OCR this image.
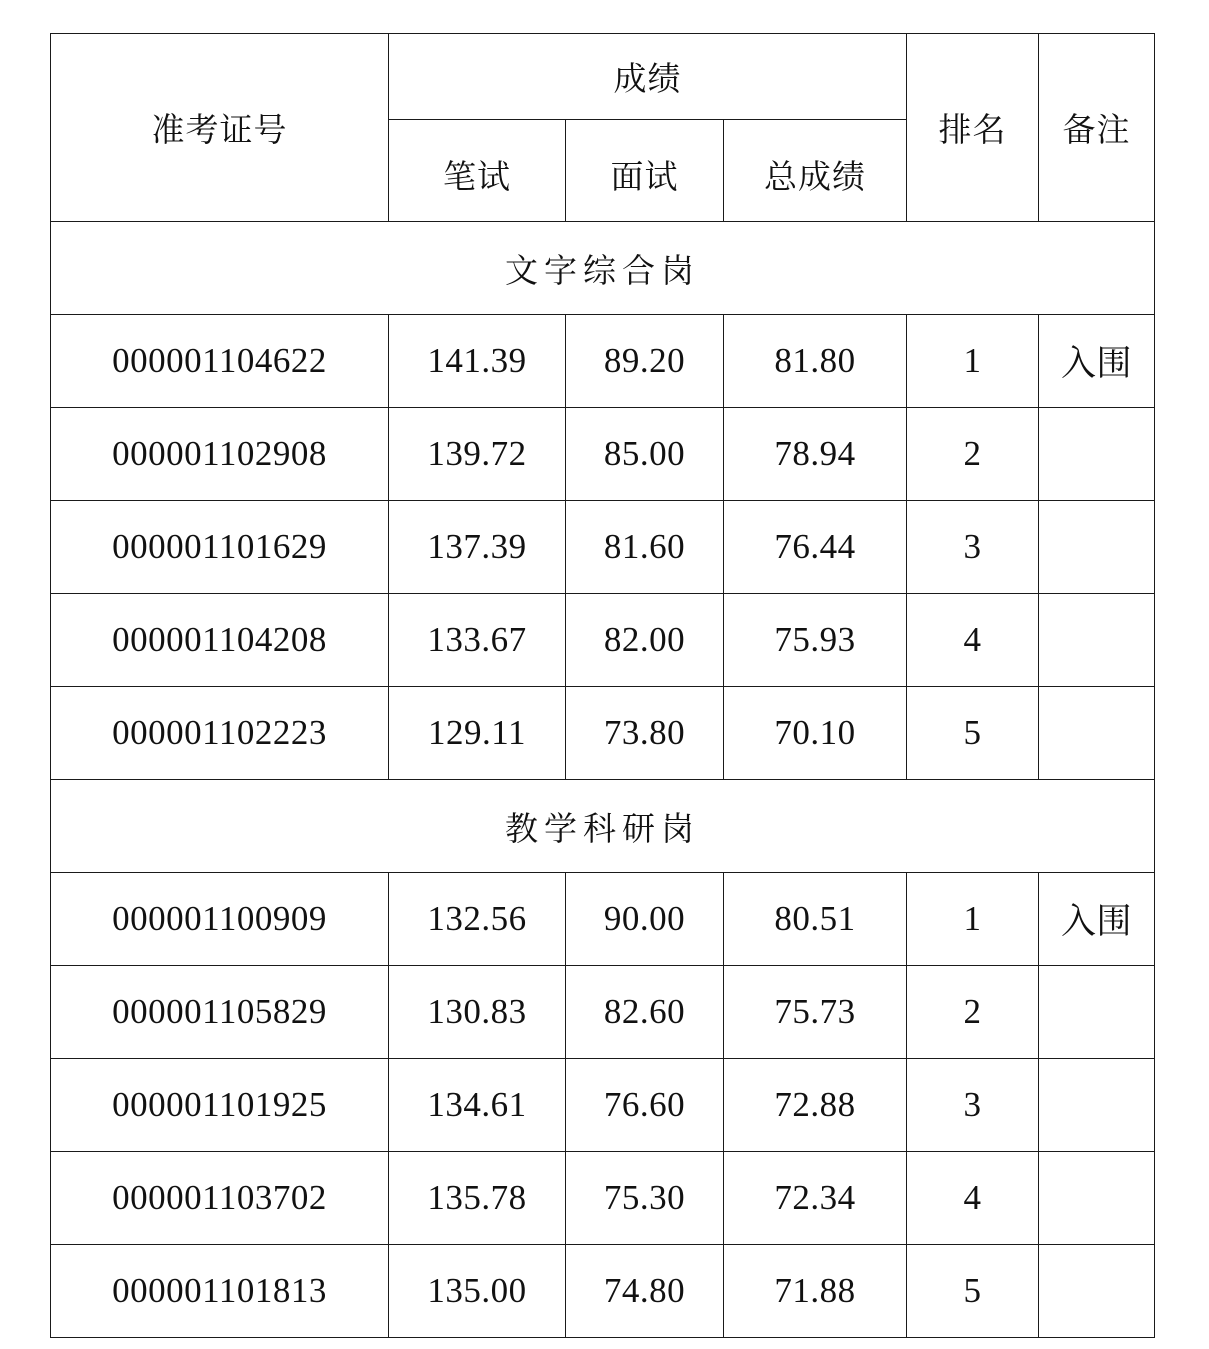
准考证号	成绩			排名	备注
	笔试	面试	总成绩		
文字综合岗					
000001104622	141.39	89.20	81.80	1	入围
000001102908	139.72	85.00	78.94	2	
000001101629	137.39	81.60	76.44	3	
000001104208	133.67	82.00	75.93	4	
000001102223	129.11	73.80	70.10	5	
教学科研岗					
000001100909	132.56	90.00	80.51	1	入围
000001105829	130.83	82.60	75.73	2	
000001101925	134.61	76.60	72.88	3	
000001103702	135.78	75.30	72.34	4	
000001101813	135.00	74.80	71.88	5	
